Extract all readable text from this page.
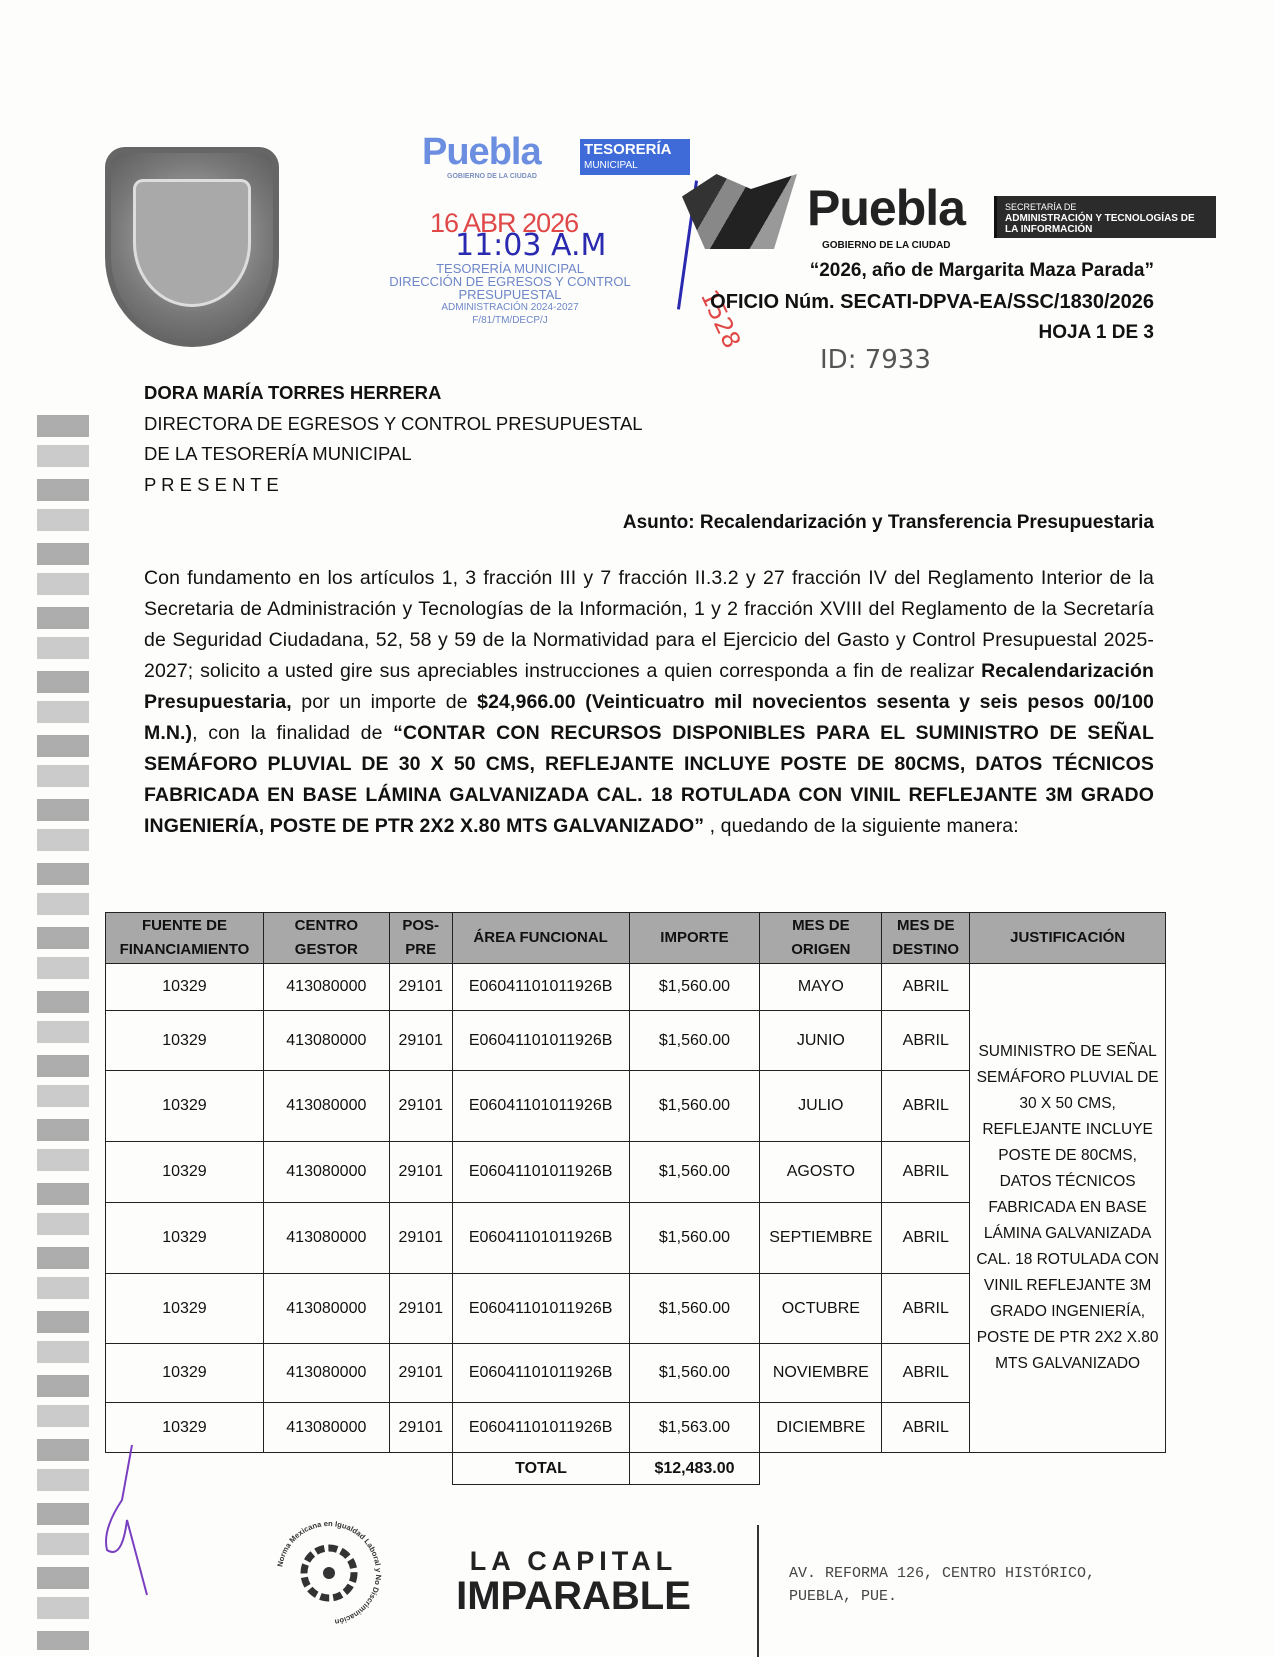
Puebla	TESORERÍA
MUNICIPAL
GOBIERNO DE LA CIUDAD
16 ABR 2026
11:03 A.M
TESORERÍA MUNICIPAL
DIRECCIÓN DE EGRESOS Y CONTROL
PRESUPUESTAL
ADMINISTRACIÓN 2024-2027
F/81/TM/DECP/J	1528
Puebla
GOBIERNO DE LA CIUDAD
SECRETARÍA DE
ADMINISTRACIÓN Y TECNOLOGÍAS DE LA INFORMACIÓN
“2026, año de Margarita Maza Parada”
OFICIO Núm. SECATI-DPVA-EA/SSC/1830/2026
HOJA 1 DE 3
ID: 7933
DORA MARÍA TORRES HERRERA
DIRECTORA DE EGRESOS Y CONTROL PRESUPUESTAL
DE LA TESORERÍA MUNICIPAL
P R E S E N T E
Asunto: Recalendarización y Transferencia Presupuestaria

Con fundamento en los artículos 1, 3 fracción III y 7 fracción II.3.2 y 27 fracción IV del Reglamento Interior de la Secretaria de Administración y Tecnologías de la Información, 1 y 2 fracción XVIII del Reglamento de la Secretaría de Seguridad Ciudadana, 52, 58 y 59 de la Normatividad para el Ejercicio del Gasto y Control Presupuestal 2025-2027; solicito a usted gire sus apreciables instrucciones a quien corresponda a fin de realizar Recalendarización Presupuestaria, por un importe de $24,966.00 (Veinticuatro mil novecientos sesenta y seis pesos 00/100 M.N.), con la finalidad de “CONTAR CON RECURSOS DISPONIBLES PARA EL SUMINISTRO DE SEÑAL SEMÁFORO PLUVIAL DE 30 X 50 CMS, REFLEJANTE INCLUYE POSTE DE 80CMS, DATOS TÉCNICOS FABRICADA EN BASE LÁMINA GALVANIZADA CAL. 18 ROTULADA CON VINIL REFLEJANTE 3M GRADO INGENIERÍA, POSTE DE PTR 2X2 X.80 MTS GALVANIZADO” , quedando de la siguiente manera:

FUENTE DE FINANCIAMIENTO	CENTRO GESTOR	POS-PRE	ÁREA FUNCIONAL	IMPORTE	MES DE ORIGEN	MES DE DESTINO	JUSTIFICACIÓN
10329	413080000	29101	E06041101011926B	$1,560.00	MAYO	ABRIL	SUMINISTRO DE SEÑAL SEMÁFORO PLUVIAL DE 30 X 50 CMS, REFLEJANTE INCLUYE POSTE DE 80CMS, DATOS TÉCNICOS FABRICADA EN BASE LÁMINA GALVANIZADA CAL. 18 ROTULADA CON VINIL REFLEJANTE 3M GRADO INGENIERÍA, POSTE DE PTR 2X2 X.80 MTS GALVANIZADO
10329	413080000	29101	E06041101011926B	$1,560.00	JUNIO	ABRIL	
10329	413080000	29101	E06041101011926B	$1,560.00	JULIO	ABRIL	
10329	413080000	29101	E06041101011926B	$1,560.00	AGOSTO	ABRIL	
10329	413080000	29101	E06041101011926B	$1,560.00	SEPTIEMBRE	ABRIL	
10329	413080000	29101	E06041101011926B	$1,560.00	OCTUBRE	ABRIL	
10329	413080000	29101	E06041101011926B	$1,560.00	NOVIEMBRE	ABRIL	
10329	413080000	29101	E06041101011926B	$1,563.00	DICIEMBRE	ABRIL	
TOTAL	$12,483.00
Norma Mexicana en Igualdad Laboral y No Discriminación
LA CAPITAL
IMPARABLE
AV. REFORMA 126, CENTRO HISTÓRICO,
PUEBLA, PUE.
